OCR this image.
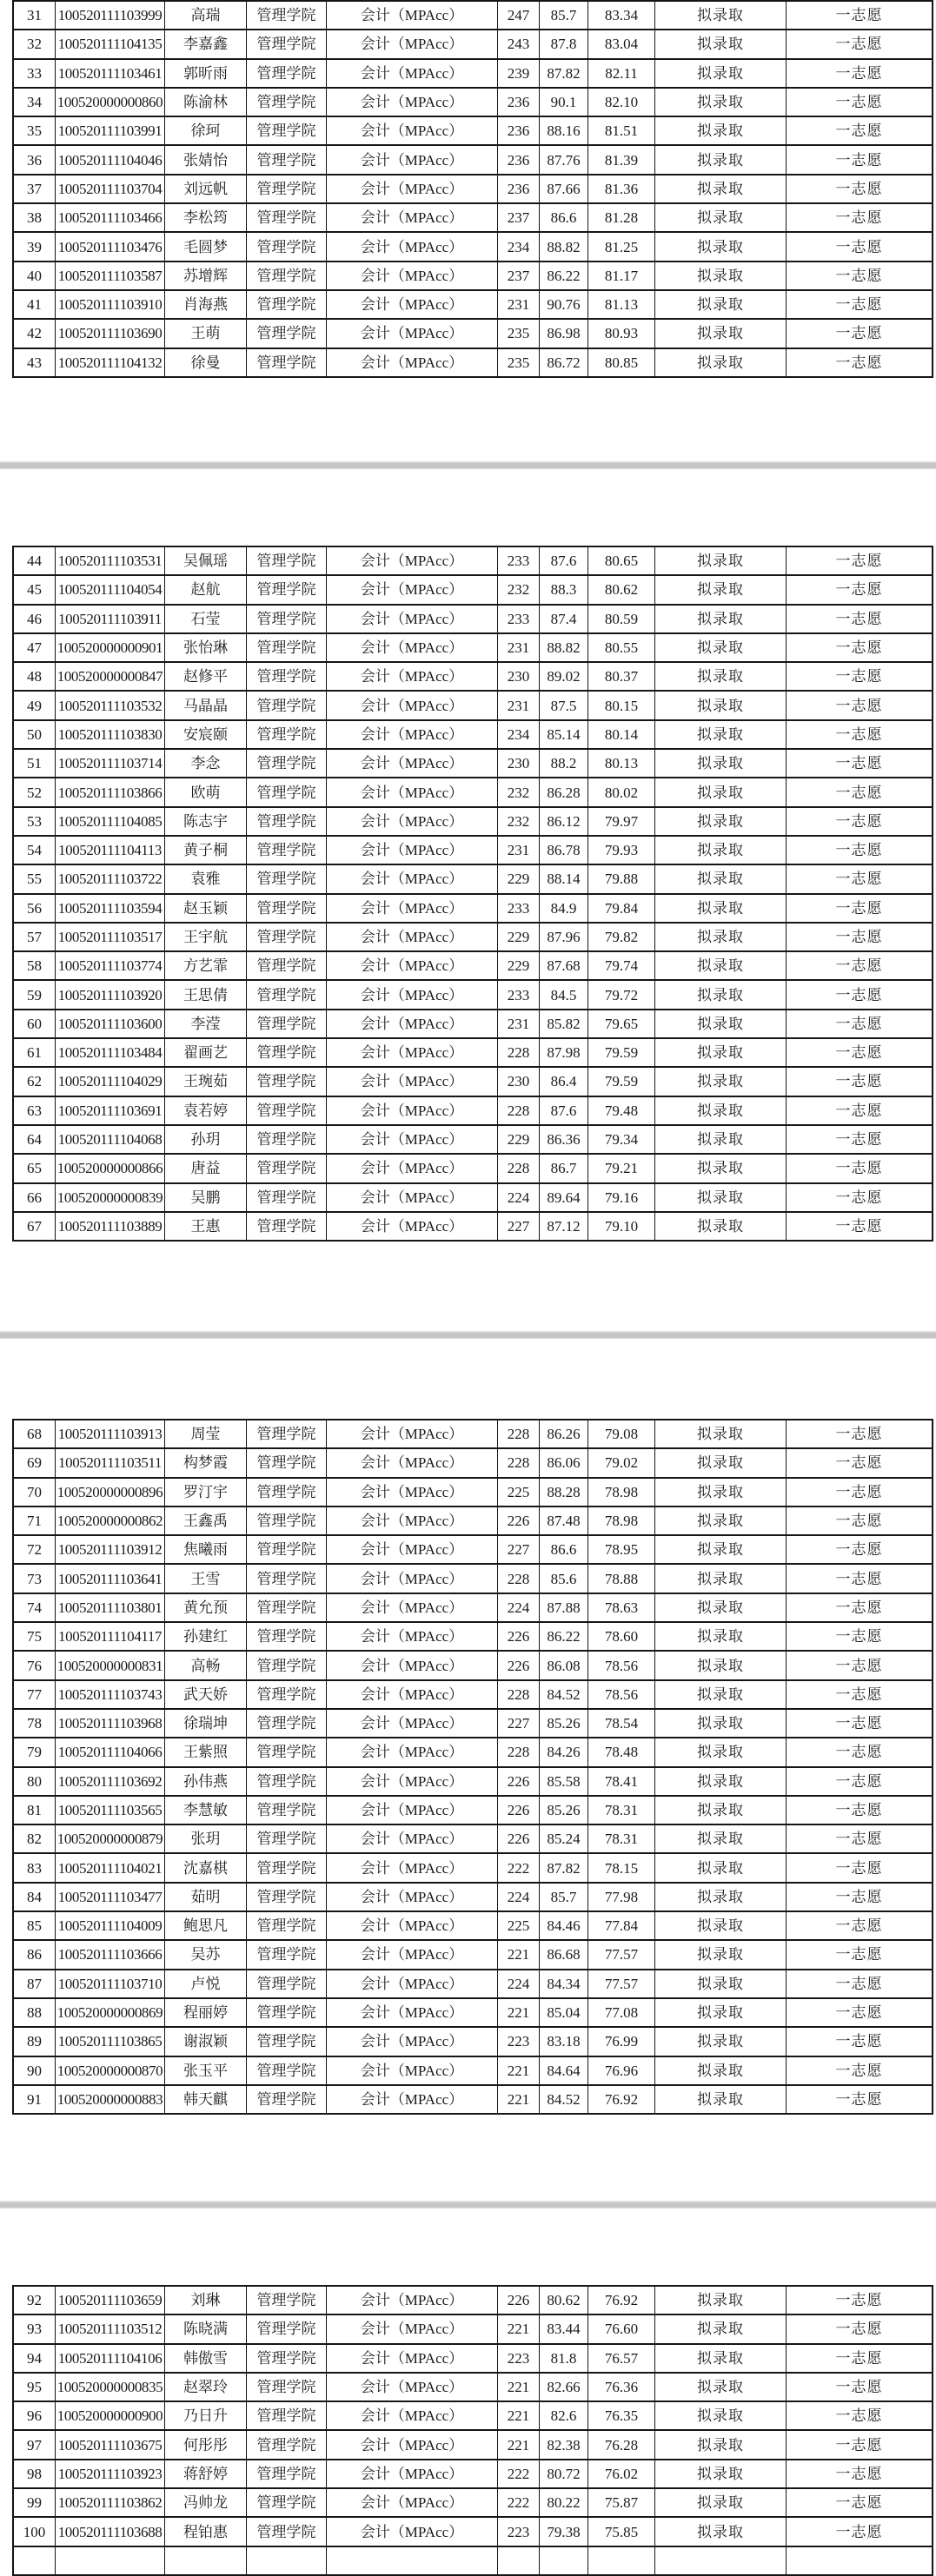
31	100520111103999	高瑞	管理学院	会计（MPAcc）	247	85.7	83.34	拟录取	一志愿
32	100520111104135	李嘉鑫	管理学院	会计（MPAcc）	243	87.8	83.04	拟录取	一志愿
33	100520111103461	郭昕雨	管理学院	会计（MPAcc）	239	87.82	82.11	拟录取	一志愿
34	100520000000860	陈渝林	管理学院	会计（MPAcc）	236	90.1	82.10	拟录取	一志愿
35	100520111103991	徐珂	管理学院	会计（MPAcc）	236	88.16	81.51	拟录取	一志愿
36	100520111104046	张婧怡	管理学院	会计（MPAcc）	236	87.76	81.39	拟录取	一志愿
37	100520111103704	刘远帆	管理学院	会计（MPAcc）	236	87.66	81.36	拟录取	一志愿
38	100520111103466	李松筠	管理学院	会计（MPAcc）	237	86.6	81.28	拟录取	一志愿
39	100520111103476	毛圆梦	管理学院	会计（MPAcc）	234	88.82	81.25	拟录取	一志愿
40	100520111103587	苏增辉	管理学院	会计（MPAcc）	237	86.22	81.17	拟录取	一志愿
41	100520111103910	肖海燕	管理学院	会计（MPAcc）	231	90.76	81.13	拟录取	一志愿
42	100520111103690	王萌	管理学院	会计（MPAcc）	235	86.98	80.93	拟录取	一志愿
43	100520111104132	徐曼	管理学院	会计（MPAcc）	235	86.72	80.85	拟录取	一志愿
44	100520111103531	吴佩瑶	管理学院	会计（MPAcc）	233	87.6	80.65	拟录取	一志愿
45	100520111104054	赵航	管理学院	会计（MPAcc）	232	88.3	80.62	拟录取	一志愿
46	100520111103911	石莹	管理学院	会计（MPAcc）	233	87.4	80.59	拟录取	一志愿
47	100520000000901	张怡琳	管理学院	会计（MPAcc）	231	88.82	80.55	拟录取	一志愿
48	100520000000847	赵修平	管理学院	会计（MPAcc）	230	89.02	80.37	拟录取	一志愿
49	100520111103532	马晶晶	管理学院	会计（MPAcc）	231	87.5	80.15	拟录取	一志愿
50	100520111103830	安宸颐	管理学院	会计（MPAcc）	234	85.14	80.14	拟录取	一志愿
51	100520111103714	李念	管理学院	会计（MPAcc）	230	88.2	80.13	拟录取	一志愿
52	100520111103866	欧萌	管理学院	会计（MPAcc）	232	86.28	80.02	拟录取	一志愿
53	100520111104085	陈志宇	管理学院	会计（MPAcc）	232	86.12	79.97	拟录取	一志愿
54	100520111104113	黄子桐	管理学院	会计（MPAcc）	231	86.78	79.93	拟录取	一志愿
55	100520111103722	袁雅	管理学院	会计（MPAcc）	229	88.14	79.88	拟录取	一志愿
56	100520111103594	赵玉颖	管理学院	会计（MPAcc）	233	84.9	79.84	拟录取	一志愿
57	100520111103517	王宇航	管理学院	会计（MPAcc）	229	87.96	79.82	拟录取	一志愿
58	100520111103774	方艺霏	管理学院	会计（MPAcc）	229	87.68	79.74	拟录取	一志愿
59	100520111103920	王思倩	管理学院	会计（MPAcc）	233	84.5	79.72	拟录取	一志愿
60	100520111103600	李滢	管理学院	会计（MPAcc）	231	85.82	79.65	拟录取	一志愿
61	100520111103484	翟画艺	管理学院	会计（MPAcc）	228	87.98	79.59	拟录取	一志愿
62	100520111104029	王琬茹	管理学院	会计（MPAcc）	230	86.4	79.59	拟录取	一志愿
63	100520111103691	袁若婷	管理学院	会计（MPAcc）	228	87.6	79.48	拟录取	一志愿
64	100520111104068	孙玥	管理学院	会计（MPAcc）	229	86.36	79.34	拟录取	一志愿
65	100520000000866	唐益	管理学院	会计（MPAcc）	228	86.7	79.21	拟录取	一志愿
66	100520000000839	吴鹏	管理学院	会计（MPAcc）	224	89.64	79.16	拟录取	一志愿
67	100520111103889	王惠	管理学院	会计（MPAcc）	227	87.12	79.10	拟录取	一志愿
68	100520111103913	周莹	管理学院	会计（MPAcc）	228	86.26	79.08	拟录取	一志愿
69	100520111103511	构梦霞	管理学院	会计（MPAcc）	228	86.06	79.02	拟录取	一志愿
70	100520000000896	罗汀宇	管理学院	会计（MPAcc）	225	88.28	78.98	拟录取	一志愿
71	100520000000862	王鑫禹	管理学院	会计（MPAcc）	226	87.48	78.98	拟录取	一志愿
72	100520111103912	焦曦雨	管理学院	会计（MPAcc）	227	86.6	78.95	拟录取	一志愿
73	100520111103641	王雪	管理学院	会计（MPAcc）	228	85.6	78.88	拟录取	一志愿
74	100520111103801	黄允预	管理学院	会计（MPAcc）	224	87.88	78.63	拟录取	一志愿
75	100520111104117	孙建红	管理学院	会计（MPAcc）	226	86.22	78.60	拟录取	一志愿
76	100520000000831	高畅	管理学院	会计（MPAcc）	226	86.08	78.56	拟录取	一志愿
77	100520111103743	武天娇	管理学院	会计（MPAcc）	228	84.52	78.56	拟录取	一志愿
78	100520111103968	徐瑞坤	管理学院	会计（MPAcc）	227	85.26	78.54	拟录取	一志愿
79	100520111104066	王紫照	管理学院	会计（MPAcc）	228	84.26	78.48	拟录取	一志愿
80	100520111103692	孙伟燕	管理学院	会计（MPAcc）	226	85.58	78.41	拟录取	一志愿
81	100520111103565	李慧敏	管理学院	会计（MPAcc）	226	85.26	78.31	拟录取	一志愿
82	100520000000879	张玥	管理学院	会计（MPAcc）	226	85.24	78.31	拟录取	一志愿
83	100520111104021	沈嘉棋	管理学院	会计（MPAcc）	222	87.82	78.15	拟录取	一志愿
84	100520111103477	茹明	管理学院	会计（MPAcc）	224	85.7	77.98	拟录取	一志愿
85	100520111104009	鲍思凡	管理学院	会计（MPAcc）	225	84.46	77.84	拟录取	一志愿
86	100520111103666	吴苏	管理学院	会计（MPAcc）	221	86.68	77.57	拟录取	一志愿
87	100520111103710	卢悦	管理学院	会计（MPAcc）	224	84.34	77.57	拟录取	一志愿
88	100520000000869	程丽婷	管理学院	会计（MPAcc）	221	85.04	77.08	拟录取	一志愿
89	100520111103865	谢淑颖	管理学院	会计（MPAcc）	223	83.18	76.99	拟录取	一志愿
90	100520000000870	张玉平	管理学院	会计（MPAcc）	221	84.64	76.96	拟录取	一志愿
91	100520000000883	韩天麒	管理学院	会计（MPAcc）	221	84.52	76.92	拟录取	一志愿
92	100520111103659	刘琳	管理学院	会计（MPAcc）	226	80.62	76.92	拟录取	一志愿
93	100520111103512	陈晓满	管理学院	会计（MPAcc）	221	83.44	76.60	拟录取	一志愿
94	100520111104106	韩傲雪	管理学院	会计（MPAcc）	223	81.8	76.57	拟录取	一志愿
95	100520000000835	赵翠玲	管理学院	会计（MPAcc）	221	82.66	76.36	拟录取	一志愿
96	100520000000900	乃日升	管理学院	会计（MPAcc）	221	82.6	76.35	拟录取	一志愿
97	100520111103675	何彤彤	管理学院	会计（MPAcc）	221	82.38	76.28	拟录取	一志愿
98	100520111103923	蒋舒婷	管理学院	会计（MPAcc）	222	80.72	76.02	拟录取	一志愿
99	100520111103862	冯帅龙	管理学院	会计（MPAcc）	222	80.22	75.87	拟录取	一志愿
100	100520111103688	程铂惠	管理学院	会计（MPAcc）	223	79.38	75.85	拟录取	一志愿
